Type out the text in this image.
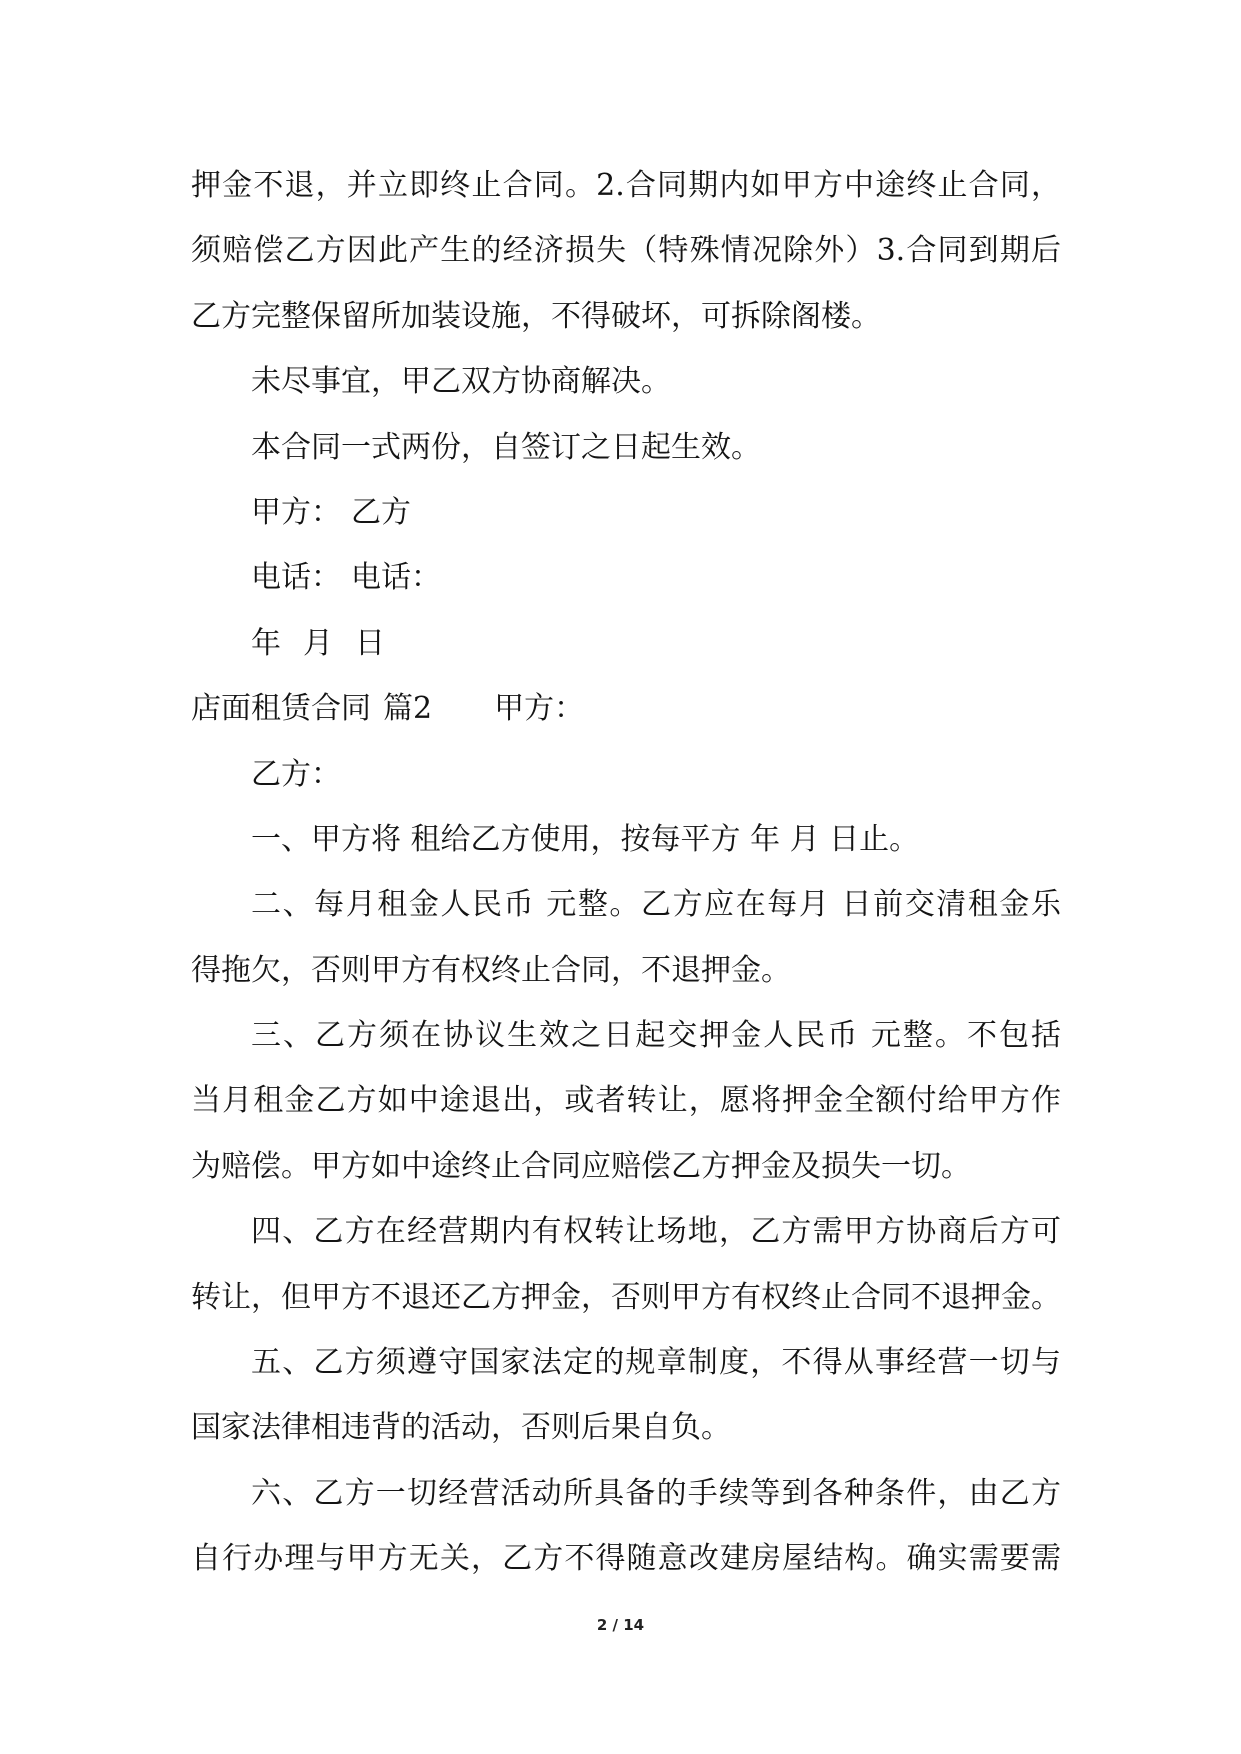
押金不退，并立即终止合同。2.合同期内如甲方中途终止合同，
须赔偿乙方因此产生的经济损失（特殊情况除外）3.合同到期后
乙方完整保留所加装设施，不得破坏，可拆除阁楼。
未尽事宜，甲乙双方协商解决。
本合同一式两份，自签订之日起生效。
甲方： 乙方
电话： 电话：
年 月 日
店面租赁合同 篇2 甲方：
乙方：
一、甲方将 租给乙方使用，按每平方 年 月 日止。
二、每月租金人民币 元整。乙方应在每月 日前交清租金乐
得拖欠，否则甲方有权终止合同，不退押金。
三、乙方须在协议生效之日起交押金人民币 元整。不包括
当月租金乙方如中途退出，或者转让，愿将押金全额付给甲方作
为赔偿。甲方如中途终止合同应赔偿乙方押金及损失一切。
四、乙方在经营期内有权转让场地，乙方需甲方协商后方可
转让，但甲方不退还乙方押金，否则甲方有权终止合同不退押金。
五、乙方须遵守国家法定的规章制度，不得从事经营一切与
国家法律相违背的活动，否则后果自负。
六、乙方一切经营活动所具备的手续等到各种条件，由乙方
自行办理与甲方无关，乙方不得随意改建房屋结构。确实需要需
2 / 14
